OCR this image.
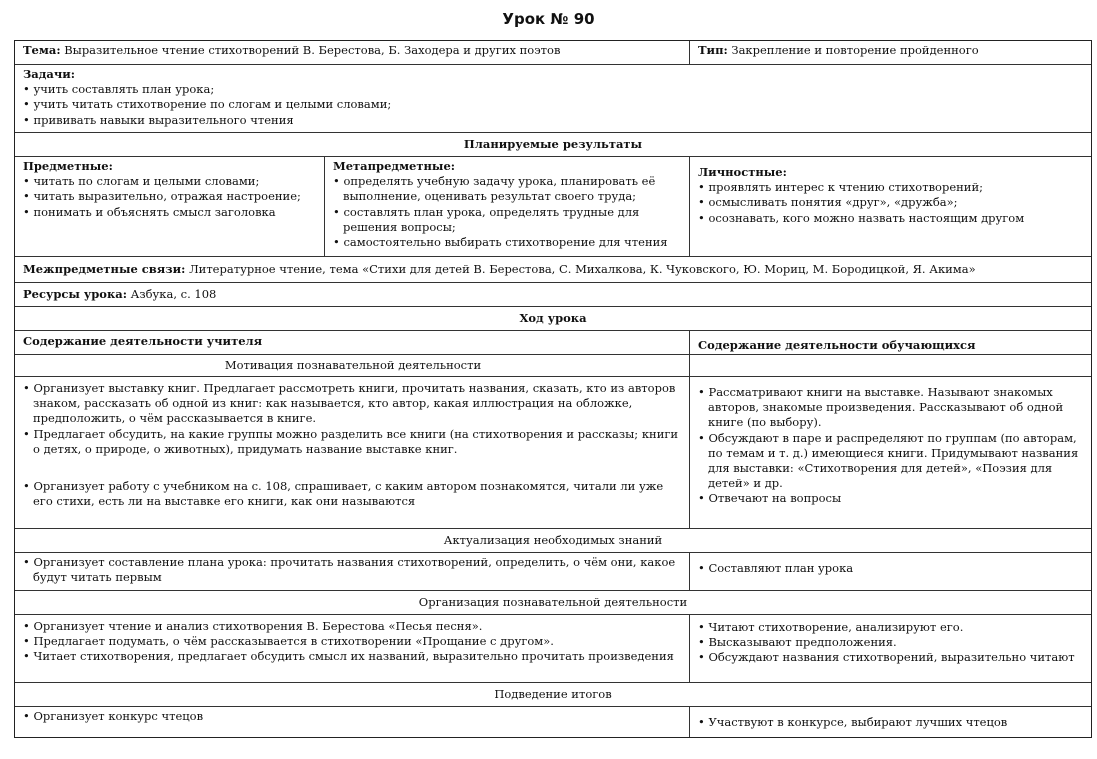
Урок № 90
Тема: Выразительное чтение стихотворений В. Берестова, Б. Заходера и других поэтов	Тип: Закрепление и повторение пройденного
Задачи:
• учить составлять план урока;
• учить читать стихотворение по слогам и целыми словами;
• прививать навыки выразительного чтения
Планируемые результаты
Предметные:
• читать по слогам и целыми словами;
• читать выразительно, отражая настроение;
• понимать и объяснять смысл заголовка
Метапредметные:
• определять учебную задачу урока, планировать её выполнение, оценивать результат своего труда;
• составлять план урока, определять трудные для решения вопросы;
• самостоятельно выбирать стихотворение для чтения
Личностные:
• проявлять интерес к чтению стихотворений;
• осмысливать понятия «друг», «дружба»;
• осознавать, кого можно назвать настоящим другом
Межпредметные связи: Литературное чтение, тема «Стихи для детей В. Берестова, С. Михалкова, К. Чуковского, Ю. Мориц, М. Бородицкой, Я. Акима»
Ресурсы урока: Азбука, с. 108
Ход урока
Содержание деятельности учителя	Содержание деятельности обучающихся
Мотивация познавательной деятельности
• Организует выставку книг. Предлагает рассмотреть книги, прочитать названия, сказать, кто из авторов знаком, рассказать об одной из книг: как называется, кто автор, какая иллюстрация на обложке, предположить, о чём рассказывается в книге.
• Предлагает обсудить, на какие группы можно разделить все книги (на стихотворения и рассказы; книги о детях, о природе, о животных), придумать название выставке книг.
• Организует работу с учебником на с. 108, спрашивает, с каким автором познакомятся, читали ли уже его стихи, есть ли на выставке его книги, как они называются
• Рассматривают книги на выставке. Называют знакомых авторов, знакомые произведения. Рассказывают об одной книге (по выбору).
• Обсуждают в паре и распределяют по группам (по авторам, по темам и т. д.) имеющиеся книги. Придумывают названия для выставки: «Стихотворения для детей», «Поэзия для детей» и др.
• Отвечают на вопросы
Актуализация необходимых знаний
• Организует составление плана урока: прочитать названия стихотворений, определить, о чём они, какое будут читать первым
• Составляют план урока
Организация познавательной деятельности
• Организует чтение и анализ стихотворения В. Берестова «Песья песня».
• Предлагает подумать, о чём рассказывается в стихотворении «Прощание с другом».
• Читает стихотворения, предлагает обсудить смысл их названий, выразительно прочитать произведения
• Читают стихотворение, анализируют его.
• Высказывают предположения.
• Обсуждают названия стихотворений, выразительно читают
Подведение итогов
• Организует конкурс чтецов
•	Участвуют в конкурсе, выбирают лучших чтецов
